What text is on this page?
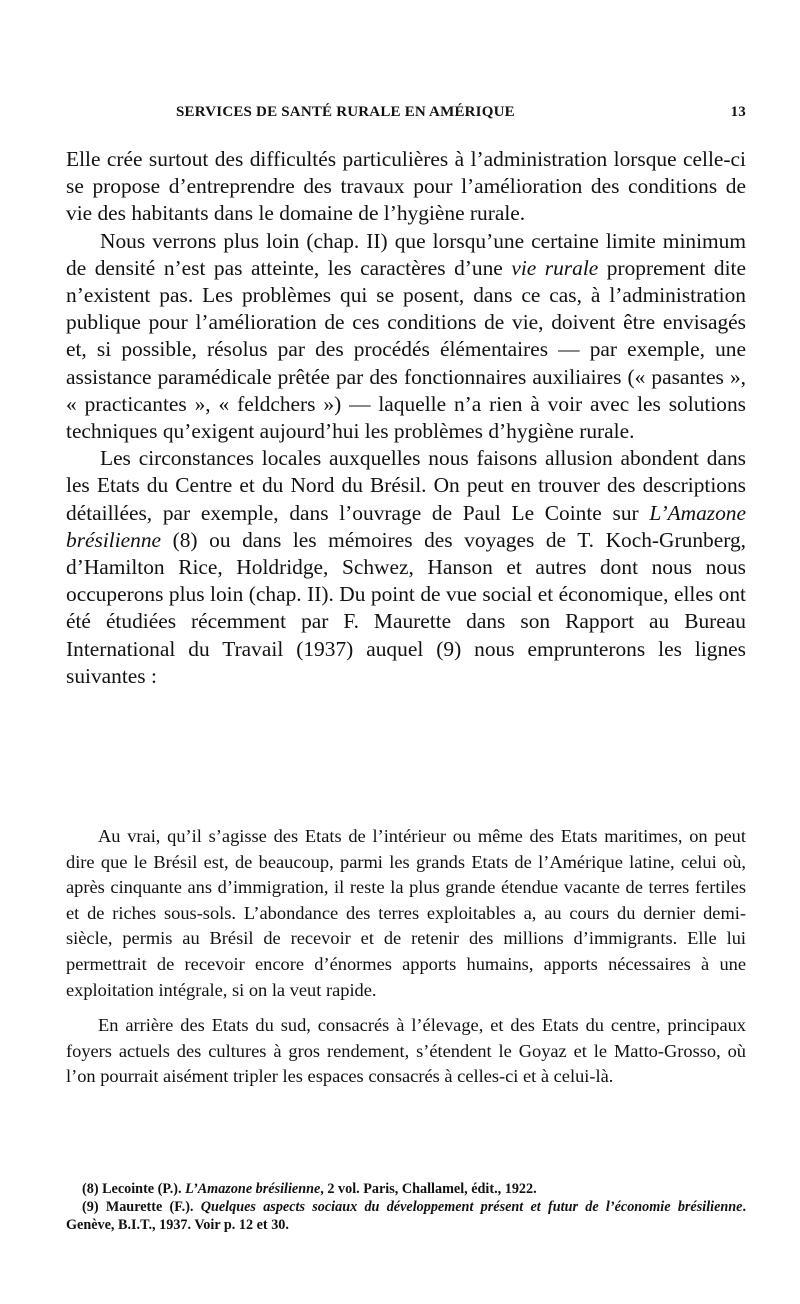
SERVICES DE SANTÉ RURALE EN AMÉRIQUE	13

Elle crée surtout des difficultés particulières à l’administration lorsque celle-ci se propose d’entreprendre des travaux pour l’amélioration des conditions de vie des habitants dans le domaine de l’hygiène rurale.

Nous verrons plus loin (chap. II) que lorsqu’une certaine limite minimum de densité n’est pas atteinte, les caractères d’une vie rurale proprement dite n’existent pas. Les problèmes qui se posent, dans ce cas, à l’administration publique pour l’amélioration de ces conditions de vie, doivent être envisagés et, si possible, résolus par des procédés élémentaires — par exemple, une assistance paramédicale prêtée par des fonctionnaires auxiliaires (« pasantes », « practicantes », « feldchers ») — laquelle n’a rien à voir avec les solutions techniques qu’exigent aujourd’hui les problèmes d’hygiène rurale.

Les circonstances locales auxquelles nous faisons allusion abondent dans les Etats du Centre et du Nord du Brésil. On peut en trouver des descriptions détaillées, par exemple, dans l’ouvrage de Paul Le Cointe sur L’Amazone brésilienne (8) ou dans les mémoires des voyages de T. Koch-Grunberg, d’Hamilton Rice, Holdridge, Schwez, Hanson et autres dont nous nous occuperons plus loin (chap. II). Du point de vue social et économique, elles ont été étudiées récemment par F. Maurette dans son Rapport au Bureau International du Travail (1937) auquel (9) nous emprunterons les lignes suivantes :

Au vrai, qu’il s’agisse des Etats de l’intérieur ou même des Etats maritimes, on peut dire que le Brésil est, de beaucoup, parmi les grands Etats de l’Amérique latine, celui où, après cinquante ans d’immigration, il reste la plus grande étendue vacante de terres fertiles et de riches sous-sols. L’abondance des terres exploitables a, au cours du dernier demi-siècle, permis au Brésil de recevoir et de retenir des millions d’immigrants. Elle lui permettrait de recevoir encore d’énormes apports humains, apports nécessaires à une exploitation intégrale, si on la veut rapide.

En arrière des Etats du sud, consacrés à l’élevage, et des Etats du centre, principaux foyers actuels des cultures à gros rendement, s’étendent le Goyaz et le Matto-Grosso, où l’on pourrait aisément tripler les espaces consacrés à celles-ci et à celui-là.

(8) Lecointe (P.). L’Amazone brésilienne, 2 vol. Paris, Challamel, édit., 1922.

(9) Maurette (F.). Quelques aspects sociaux du développement présent et futur de l’économie brésilienne. Genève, B.I.T., 1937. Voir p. 12 et 30.
